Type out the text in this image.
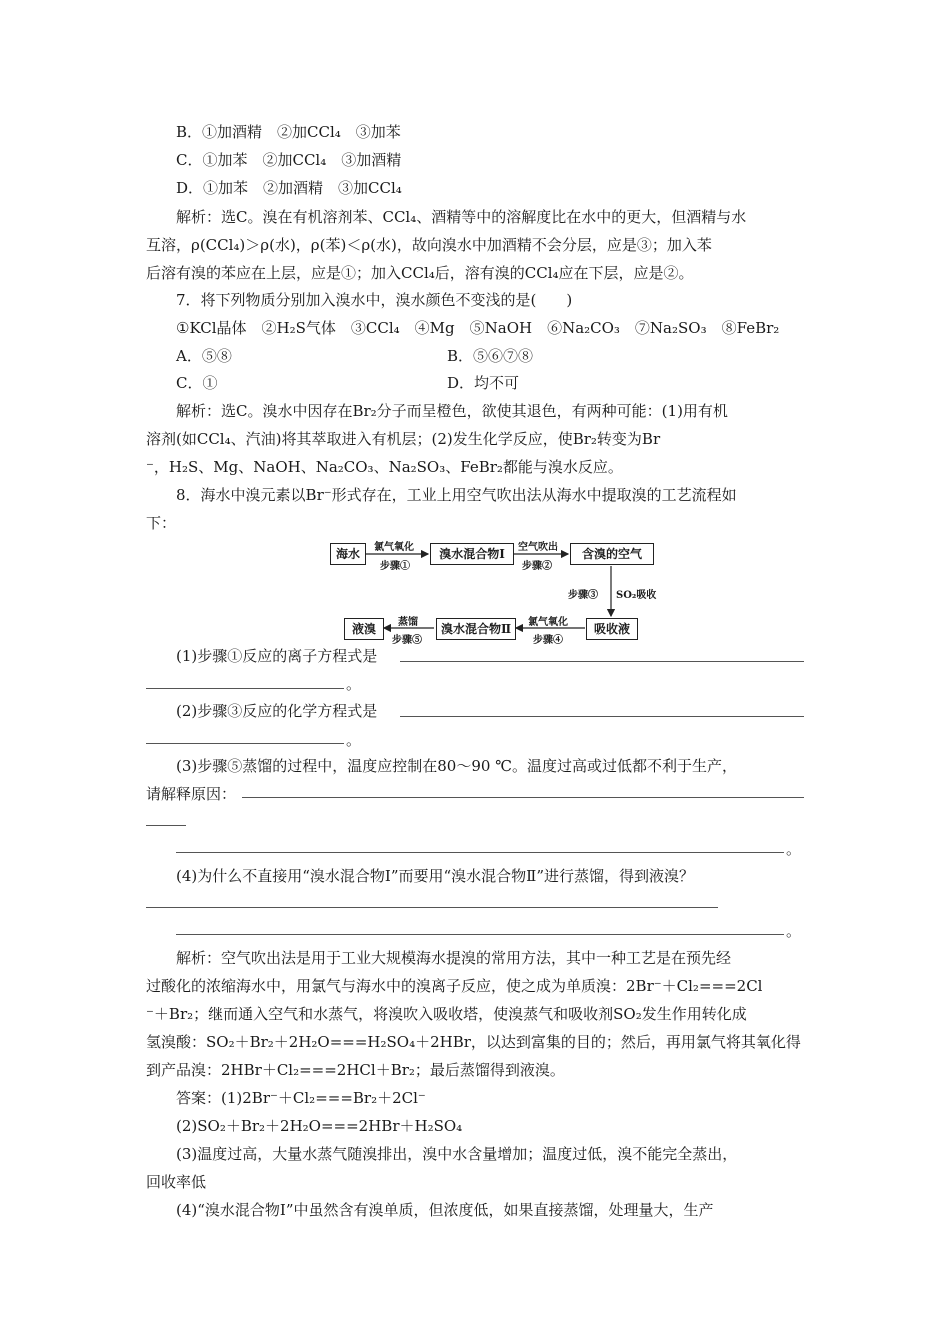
B．①加酒精　②加CCl₄　③加苯
C．①加苯　②加CCl₄　③加酒精
D．①加苯　②加酒精　③加CCl₄
解析：选C。溴在有机溶剂苯、CCl₄、酒精等中的溶解度比在水中的更大，但酒精与水
互溶，ρ(CCl₄)＞ρ(水)，ρ(苯)＜ρ(水)，故向溴水中加酒精不会分层，应是③；加入苯
后溶有溴的苯应在上层，应是①；加入CCl₄后，溶有溴的CCl₄应在下层，应是②。
7．将下列物质分别加入溴水中，溴水颜色不变浅的是(　　)
①KCl晶体　②H₂S气体　③CCl₄　④Mg　⑤NaOH　⑥Na₂CO₃　⑦Na₂SO₃　⑧FeBr₂
A．⑤⑧	B．⑤⑥⑦⑧
C．①	D．均不可
解析：选C。溴水中因存在Br₂分子而呈橙色，欲使其退色，有两种可能：(1)用有机
溶剂(如CCl₄、汽油)将其萃取进入有机层；(2)发生化学反应，使Br₂转变为Br
⁻，H₂S、Mg、NaOH、Na₂CO₃、Na₂SO₃、FeBr₂都能与溴水反应。
8．海水中溴元素以Br⁻形式存在，工业上用空气吹出法从海水中提取溴的工艺流程如
下：
海水	溴水混合物Ⅰ	含溴的空气
吸收液
溴水混合物Ⅱ
液溴
氯气氧化
步骤①
空气吹出
步骤②
步骤③ SO₂吸收
氯气氧化
步骤④
蒸馏
步骤⑤
(1)步骤①反应的离子方程式是
。
(2)步骤③反应的化学方程式是
。
(3)步骤⑤蒸馏的过程中，温度应控制在80～90 ℃。温度过高或过低都不利于生产，
请解释原因：
。
(4)为什么不直接用“溴水混合物Ⅰ”而要用“溴水混合物Ⅱ”进行蒸馏，得到液溴？
。
解析：空气吹出法是用于工业大规模海水提溴的常用方法，其中一种工艺是在预先经
过酸化的浓缩海水中，用氯气与海水中的溴离子反应，使之成为单质溴：2Br⁻＋Cl₂===2Cl
⁻＋Br₂；继而通入空气和水蒸气，将溴吹入吸收塔，使溴蒸气和吸收剂SO₂发生作用转化成
氢溴酸：SO₂＋Br₂＋2H₂O===H₂SO₄＋2HBr，以达到富集的目的；然后，再用氯气将其氧化得
到产品溴：2HBr＋Cl₂===2HCl＋Br₂；最后蒸馏得到液溴。
答案：(1)2Br⁻＋Cl₂===Br₂＋2Cl⁻
(2)SO₂＋Br₂＋2H₂O===2HBr＋H₂SO₄
(3)温度过高，大量水蒸气随溴排出，溴中水含量增加；温度过低，溴不能完全蒸出，
回收率低
(4)“溴水混合物Ⅰ”中虽然含有溴单质，但浓度低，如果直接蒸馏，处理量大，生产
